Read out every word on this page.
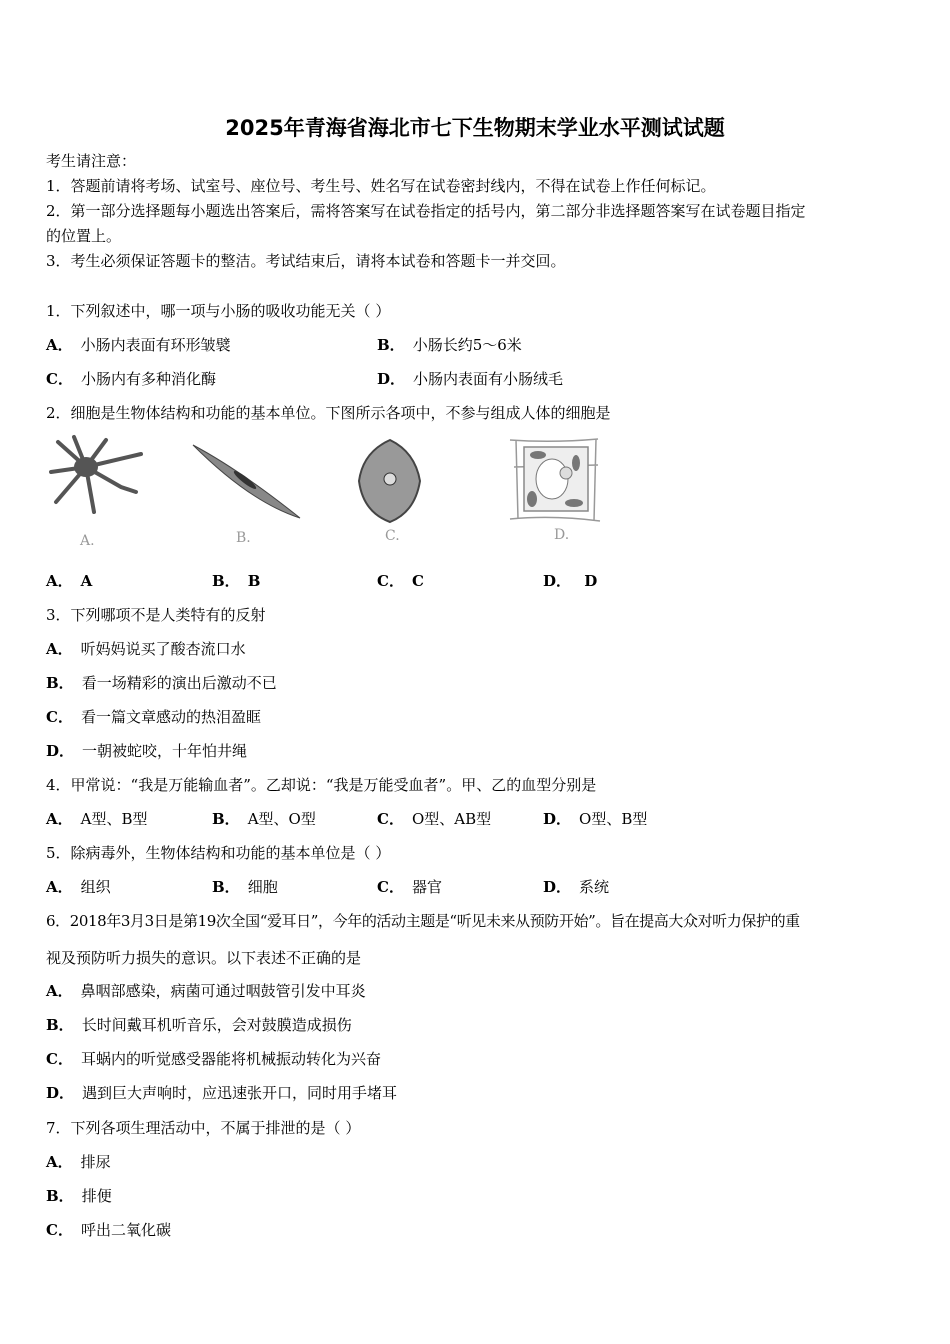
2025年青海省海北市七下生物期末学业水平测试试题
考生请注意：
1．答题前请将考场、试室号、座位号、考生号、姓名写在试卷密封线内，不得在试卷上作任何标记。
2．第一部分选择题每小题选出答案后，需将答案写在试卷指定的括号内，第二部分非选择题答案写在试卷题目指定
的位置上。
3．考生必须保证答题卡的整洁。考试结束后，请将本试卷和答题卡一并交回。
1．下列叙述中，哪一项与小肠的吸收功能无关（ ）
A． 小肠内表面有环形皱襞	B． 小肠长约5～6米
C． 小肠内有多种消化酶	D． 小肠内表面有小肠绒毛
2．细胞是生物体结构和功能的基本单位。下图所示各项中，不参与组成人体的细胞是
A.	B.	C.	D.
A． A	B． B	C． C	D． D
3．下列哪项不是人类特有的反射
A． 听妈妈说买了酸杏流口水
B． 看一场精彩的演出后激动不已
C． 看一篇文章感动的热泪盈眶
D． 一朝被蛇咬，十年怕井绳
4．甲常说：“我是万能输血者”。乙却说：“我是万能受血者”。甲、乙的血型分别是
A． A型、B型	B． A型、O型	C． O型、AB型	D． O型、B型
5．除病毒外，生物体结构和功能的基本单位是（ ）
A． 组织	B． 细胞	C． 器官	D． 系统
6．2018年3月3日是第19次全国“爱耳日”，今年的活动主题是“听见未来从预防开始”。旨在提高大众对听力保护的重
视及预防听力损失的意识。以下表述不正确的是
A． 鼻咽部感染，病菌可通过咽鼓管引发中耳炎
B． 长时间戴耳机听音乐，会对鼓膜造成损伤
C． 耳蜗内的听觉感受器能将机械振动转化为兴奋
D． 遇到巨大声响时，应迅速张开口，同时用手堵耳
7．下列各项生理活动中，不属于排泄的是（ ）
A． 排尿
B． 排便
C． 呼出二氧化碳
